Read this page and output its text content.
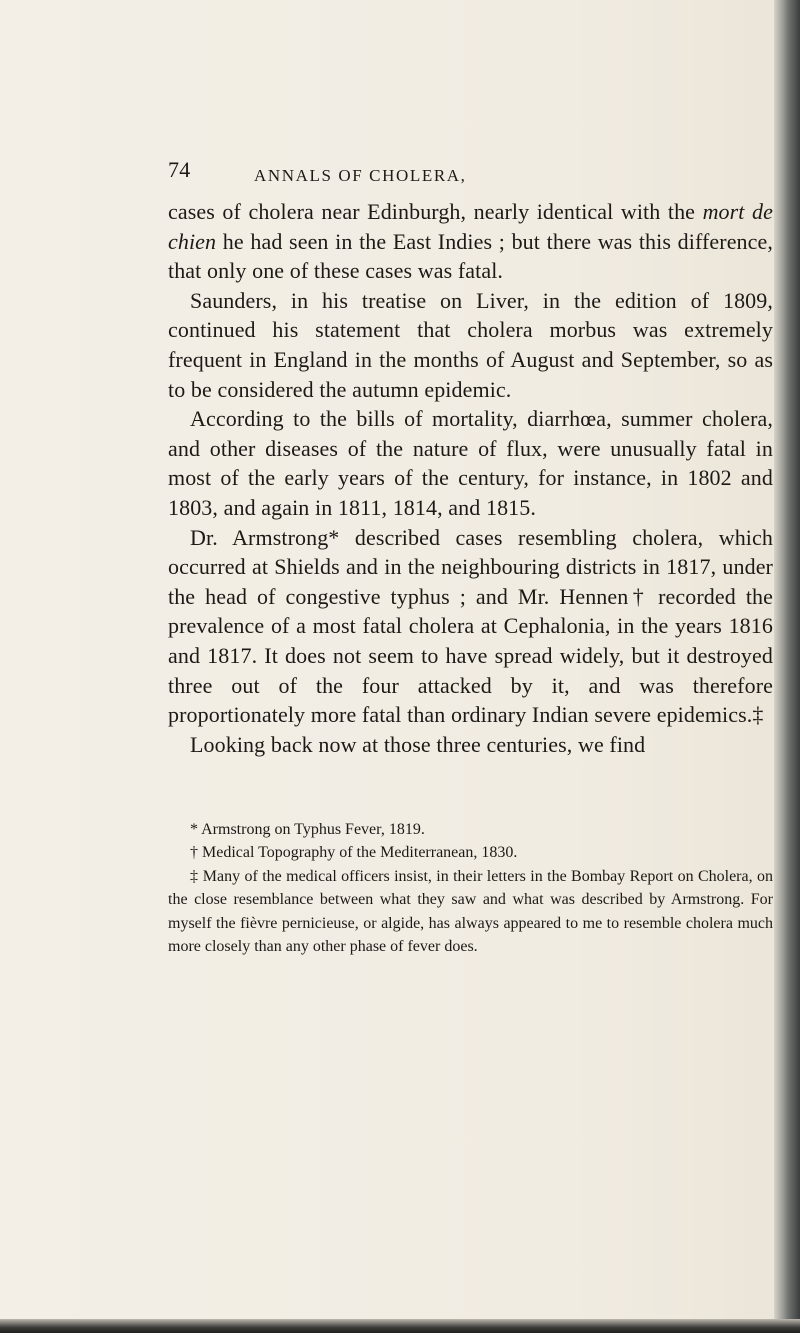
74	ANNALS OF CHOLERA,

cases of cholera near Edinburgh, nearly identical with the mort de chien he had seen in the East Indies ; but there was this difference, that only one of these cases was fatal.

Saunders, in his treatise on Liver, in the edition of 1809, continued his statement that cholera morbus was extremely frequent in England in the months of August and September, so as to be considered the autumn epidemic.

According to the bills of mortality, diarrhœa, summer cholera, and other diseases of the nature of flux, were unusually fatal in most of the early years of the century, for instance, in 1802 and 1803, and again in 1811, 1814, and 1815.

Dr. Armstrong* described cases resembling cholera, which occurred at Shields and in the neighbouring districts in 1817, under the head of congestive typhus ; and Mr. Hennen† recorded the prevalence of a most fatal cholera at Cephalonia, in the years 1816 and 1817. It does not seem to have spread widely, but it destroyed three out of the four attacked by it, and was therefore proportionately more fatal than ordinary Indian severe epidemics.‡

Looking back now at those three centuries, we find

* Armstrong on Typhus Fever, 1819.

† Medical Topography of the Mediterranean, 1830.

‡ Many of the medical officers insist, in their letters in the Bombay Report on Cholera, on the close resemblance between what they saw and what was described by Armstrong. For myself the fièvre pernicieuse, or algide, has always appeared to me to resemble cholera much more closely than any other phase of fever does.
